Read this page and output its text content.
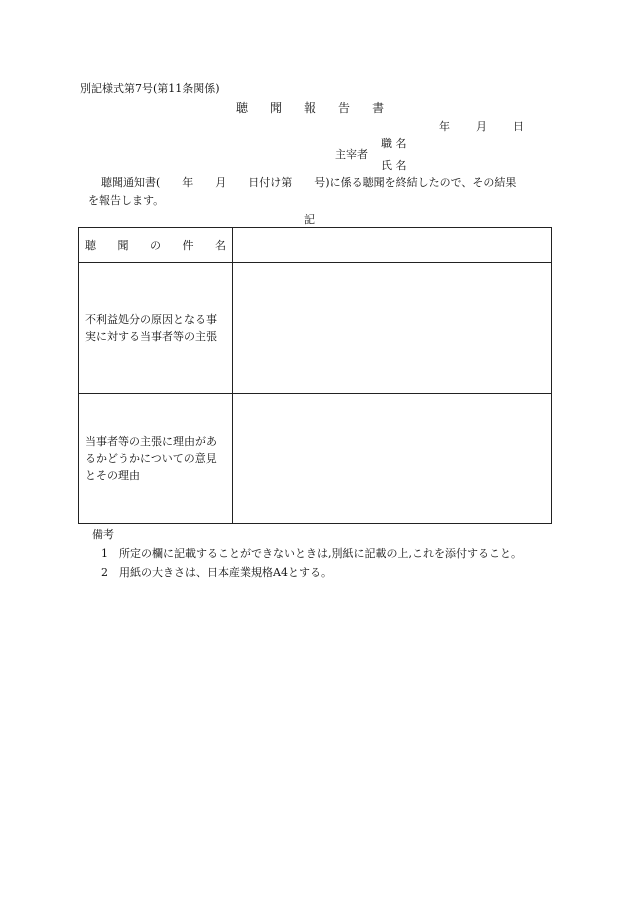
別記様式第7号(第11条関係)
聴 聞 報 告 書
年 月 日
職 名
主宰者
氏 名
聴聞通知書(　　年　　月　　日付け第　　号)に係る聴聞を終結したので、その結果
を報告します。
記
聴 聞 の 件 名	

不利益処分の原因となる事実に対する当事者等の主張	
当事者等の主張に理由があるかどうかについての意見とその理由	
備考
1　所定の欄に記載することができないときは,別紙に記載の上,これを添付すること。
2　用紙の大きさは、日本産業規格A4とする。
